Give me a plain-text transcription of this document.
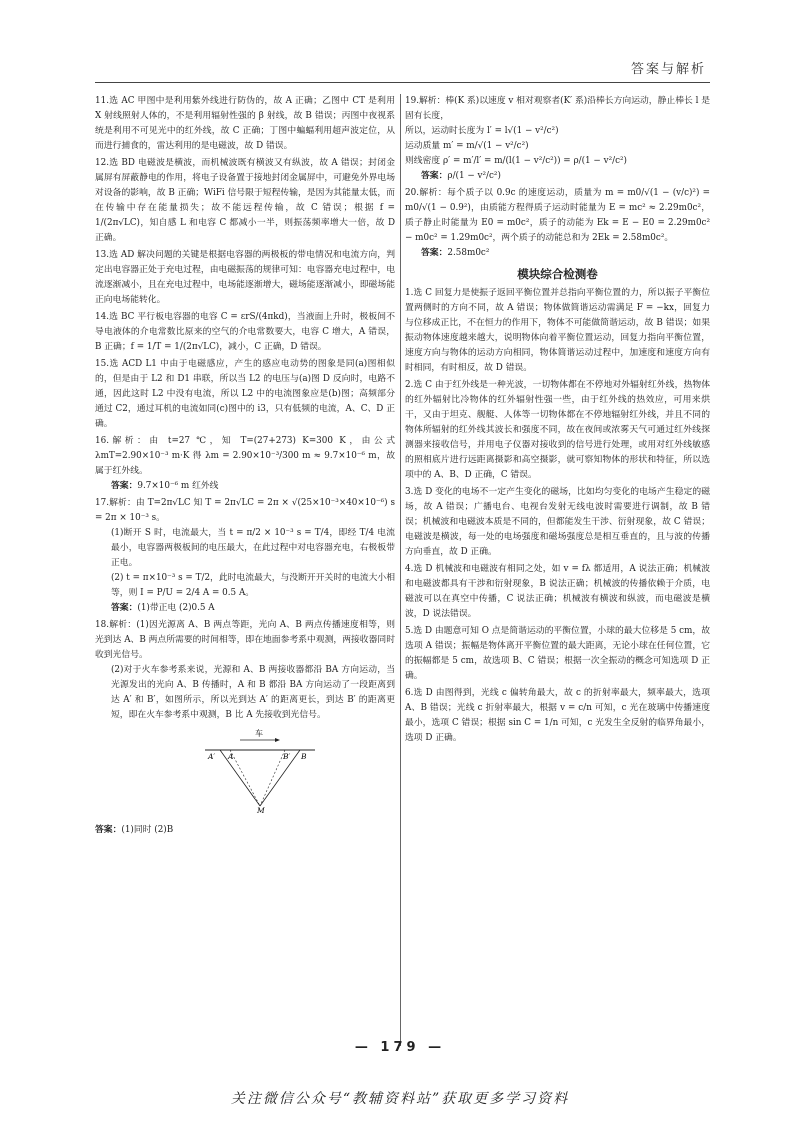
答案与解析

11.选 AC 甲图中是利用紫外线进行防伪的，故 A 正确；乙图中 CT 是利用 X 射线照射人体的，不是利用辐射性强的 β 射线，故 B 错误；丙图中夜视系统是利用不可见光中的红外线，故 C 正确；丁图中蝙蝠利用超声波定位，从而进行捕食的，雷达利用的是电磁波，故 D 错误。

12.选 BD 电磁波是横波，而机械波既有横波又有纵波，故 A 错误；封闭金属屏有屏蔽静电的作用，将电子设备置于接地封闭金属屏中，可避免外界电场对设备的影响，故 B 正确；WiFi 信号限于短程传输，是因为其能量太低，而在传输中存在能量损失；故不能远程传输，故 C 错误；根据 f = 1/(2π√LC)，知自感 L 和电容 C 都减小一半，则振荡频率增大一倍，故 D 正确。

13.选 AD 解决问题的关键是根据电容器的两极板的带电情况和电流方向，判定出电容器正处于充电过程，由电磁振荡的规律可知：电容器充电过程中，电流逐渐减小，且在充电过程中，电场能逐渐增大，磁场能逐渐减小，即磁场能正向电场能转化。

14.选 BC 平行板电容器的电容 C = εrS/(4πkd)，当液面上升时，极板间不导电液体的介电常数比原来的空气的介电常数要大，电容 C 增大，A 错误，B 正确；f = 1/T = 1/(2π√LC)，减小，C 正确，D 错误。

15.选 ACD L1 中由于电磁感应，产生的感应电动势的图象是同(a)图相似的，但是由于 L2 和 D1 串联，所以当 L2 的电压与(a)图 D 反向时，电路不通，因此这时 L2 中没有电流，所以 L2 中的电流图象应是(b)图；高频部分通过 C2，通过耳机的电流如同(c)图中的 i3，只有低频的电流，A、C、D 正确。

16.解析：由 t=27 ℃，知 T=(27+273) K=300 K，由公式 λmT=2.90×10⁻³ m·K 得 λm = 2.90×10⁻³/300 m ≈ 9.7×10⁻⁶ m，故属于红外线。

答案：9.7×10⁻⁶ m 红外线

17.解析：由 T=2π√LC 知 T = 2π√LC = 2π × √(25×10⁻³×40×10⁻⁶) s = 2π × 10⁻³ s。

(1)断开 S 时，电流最大，当 t = π/2 × 10⁻³ s = T/4，即经 T/4 电流最小，电容器两极板间的电压最大，在此过程中对电容器充电，右极板带正电。

(2) t = π×10⁻³ s = T/2，此时电流最大，与没断开开关时的电流大小相等，则 I = P/U = 2/4 A = 0.5 A。

答案：(1)带正电 (2)0.5 A

18.解析：(1)因光源离 A、B 两点等距，光向 A、B 两点传播速度相等，则光到达 A、B 两点所需要的时间相等，即在地面参考系中观测，两接收器同时收到光信号。

(2)对于火车参考系来说，光源和 A、B 两接收器都沿 BA 方向运动，当光源发出的光向 A、B 传播时，A 和 B 都沿 BA 方向运动了一段距离到达 A′ 和 B′，如图所示，所以光到达 A′ 的距离更长，到达 B′ 的距离更短，即在火车参考系中观测，B 比 A 先接收到光信号。

车
A′ A	B′ B
M

答案：(1)同时 (2)B

19.解析：棒(K 系)以速度 v 相对观察者(K′ 系)沿棒长方向运动，静止棒长 l 是固有长度，

所以，运动时长度为 l′ = l√(1 − v²/c²)

运动质量 m′ = m/√(1 − v²/c²)

则线密度 ρ′ = m′/l′ = m/(l(1 − v²/c²)) = ρ/(1 − v²/c²)

答案：ρ/(1 − v²/c²)

20.解析：每个质子以 0.9c 的速度运动，质量为 m = m0/√(1 − (v/c)²) = m0/√(1 − 0.9²)，由质能方程得质子运动时能量为 E = mc² ≈ 2.29m0c²，质子静止时能量为 E0 = m0c²，质子的动能为 Ek = E − E0 = 2.29m0c² − m0c² = 1.29m0c²，两个质子的动能总和为 2Ek = 2.58m0c²。

答案：2.58m0c²

模块综合检测卷

1.选 C 回复力是使振子返回平衡位置并总指向平衡位置的力，所以振子平衡位置两侧时的方向不同，故 A 错误；物体做简谐运动需满足 F = −kx，回复力与位移成正比，不在恒力的作用下，物体不可能做简谐运动，故 B 错误；如果振动物体速度越来越大，说明物体向着平衡位置运动，回复力指向平衡位置，速度方向与物体的运动方向相同，物体简谐运动过程中，加速度和速度方向有时相同，有时相反，故 D 错误。

2.选 C 由于红外线是一种光波，一切物体都在不停地对外辐射红外线，热物体的红外辐射比冷物体的红外辐射性强一些，由于红外线的热效应，可用来烘干，又由于坦克、舰艇、人体等一切物体都在不停地辐射红外线，并且不同的物体所辐射的红外线其波长和强度不同，故在夜间或浓雾天气可通过红外线探测器来接收信号，并用电子仪器对接收到的信号进行处理，或用对红外线敏感的照相底片进行远距离摄影和高空摄影，就可察知物体的形状和特征，所以选项中的 A、B、D 正确，C 错误。

3.选 D 变化的电场不一定产生变化的磁场，比如均匀变化的电场产生稳定的磁场，故 A 错误；广播电台、电视台发射无线电波时需要进行调制，故 B 错误；机械波和电磁波本质是不同的，但都能发生干涉、衍射现象，故 C 错误；电磁波是横波，每一处的电场强度和磁场强度总是相互垂直的，且与波的传播方向垂直，故 D 正确。

4.选 D 机械波和电磁波有相同之处，如 v = fλ 都适用，A 说法正确；机械波和电磁波都具有干涉和衍射现象，B 说法正确；机械波的传播依赖于介质，电磁波可以在真空中传播，C 说法正确；机械波有横波和纵波，而电磁波是横波，D 说法错误。

5.选 D 由题意可知 O 点是简谐运动的平衡位置，小球的最大位移是 5 cm，故选项 A 错误；振幅是物体离开平衡位置的最大距离，无论小球在任何位置，它的振幅都是 5 cm，故选项 B、C 错误；根据一次全振动的概念可知选项 D 正确。

6.选 D 由图得到，光线 c 偏转角最大，故 c 的折射率最大，频率最大，选项 A、B 错误；光线 c 折射率最大，根据 v = c/n 可知，c 光在玻璃中传播速度最小，选项 C 错误；根据 sin C = 1/n 可知，c 光发生全反射的临界角最小，选项 D 正确。

— 179 —
关注微信公众号“教辅资料站”获取更多学习资料
